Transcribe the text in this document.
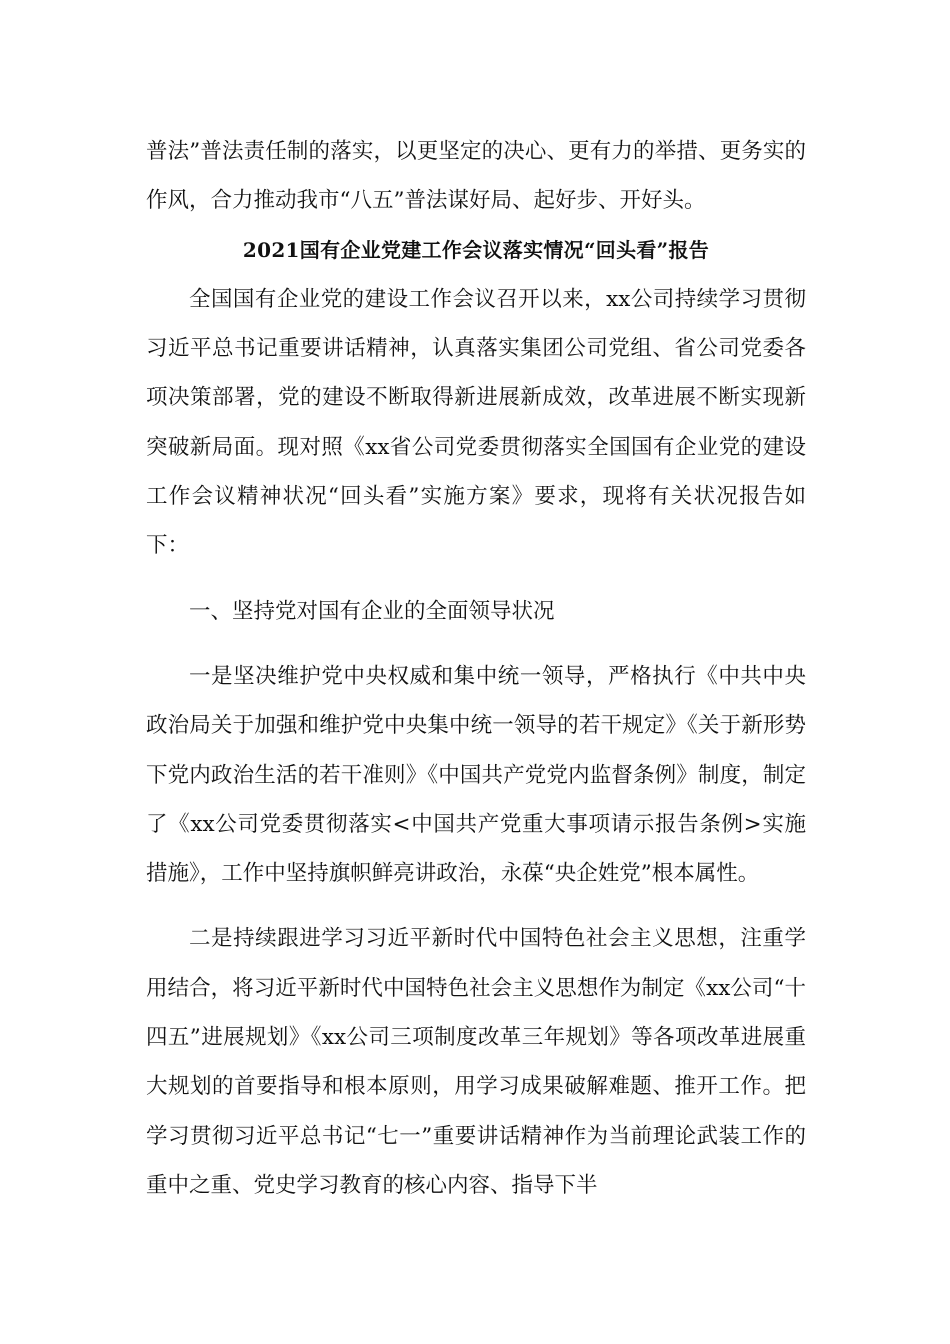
普法”普法责任制的落实，以更坚定的决心、更有力的举措、更务实的作风，合力推动我市“八五”普法谋好局、起好步、开好头。

2021国有企业党建工作会议落实情况“回头看”报告

全国国有企业党的建设工作会议召开以来，xx公司持续学习贯彻习近平总书记重要讲话精神，认真落实集团公司党组、省公司党委各项决策部署，党的建设不断取得新进展新成效，改革进展不断实现新突破新局面。现对照《xx省公司党委贯彻落实全国国有企业党的建设工作会议精神状况“回头看”实施方案》要求，现将有关状况报告如下：

一、坚持党对国有企业的全面领导状况

一是坚决维护党中央权威和集中统一领导，严格执行《中共中央政治局关于加强和维护党中央集中统一领导的若干规定》《关于新形势下党内政治生活的若干准则》《中国共产党党内监督条例》制度，制定了《xx公司党委贯彻落实<中国共产党重大事项请示报告条例>实施措施》，工作中坚持旗帜鲜亮讲政治，永葆“央企姓党”根本属性。

二是持续跟进学习习近平新时代中国特色社会主义思想，注重学用结合，将习近平新时代中国特色社会主义思想作为制定《xx公司“十四五”进展规划》《xx公司三项制度改革三年规划》等各项改革进展重大规划的首要指导和根本原则，用学习成果破解难题、推开工作。把学习贯彻习近平总书记“七一”重要讲话精神作为当前理论武装工作的重中之重、党史学习教育的核心内容、指导下半
